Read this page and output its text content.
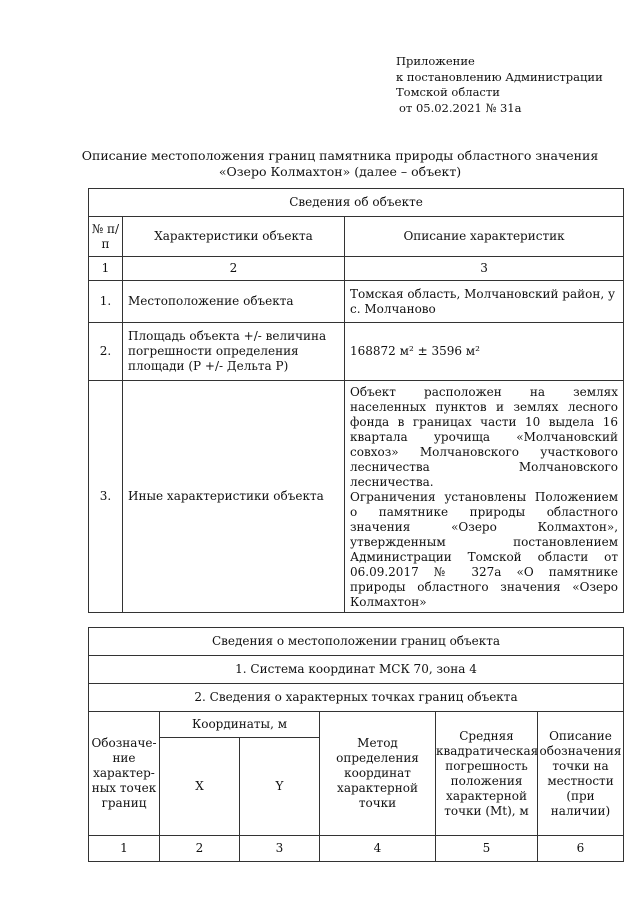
Приложение
к постановлению Администрации
Томской области
от 05.02.2021 № 31а
Описание местоположения границ памятника природы областного значения
«Озеро Колмахтон» (далее – объект)
Сведения об объекте		
№ п/п	Характеристики объекта	Описание характеристик
1	2	3
1.	Местоположение объекта	Томская область, Молчановский район, у с. Молчаново
2.	Площадь объекта +/- величина погрешности определения площади (Р +/- Дельта Р)	168872 м² ± 3596 м²
3.	Иные характеристики объекта	Объект расположен на землях населенных пунктов и землях лесного фонда в границах части 10 выдела 16 квартала урочища «Молчановский совхоз» Молчановского участкового лесничества Молчановского лесничества.
Ограничения установлены Положением о памятнике природы областного значения «Озеро Колмахтон», утвержденным постановлением Администрации Томской области от 06.09.2017 № 327а «О памятнике природы областного значения «Озеро Колмахтон»
Сведения о местоположении границ объекта					
1. Система координат МСК 70, зона 4					
2. Сведения о характерных точках границ объекта					
Обозначе-ние характер-ных точек границ	Координаты, м		Метод определения координат характерной точки	Средняя квадратическая погрешность положения характерной точки (Мt), м	Описание обозначения точки на местности (при наличии)
	X	Y			
1	2	3	4	5	6
